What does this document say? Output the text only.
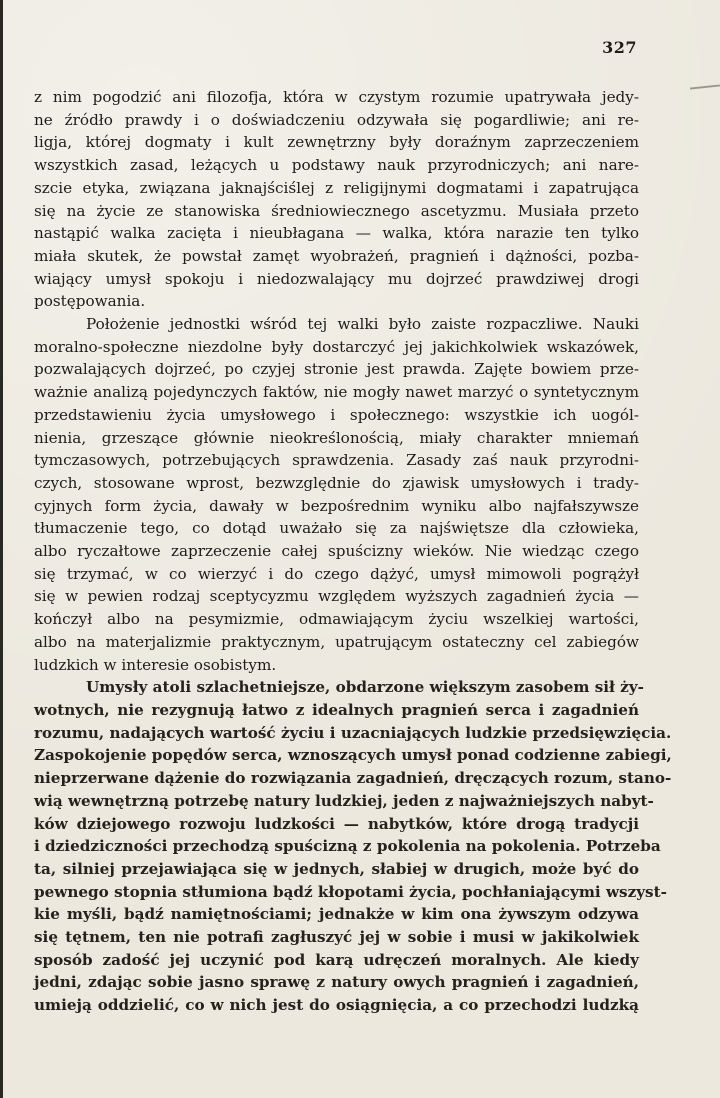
327
z nim pogodzić ani filozofja, która w czystym rozumie upatrywała jedy-
ne źródło prawdy i o doświadczeniu odzywała się pogardliwie; ani re-
ligja, której dogmaty i kult zewnętrzny były doraźnym zaprzeczeniem
wszystkich zasad, leżących u podstawy nauk przyrodniczych; ani nare-
szcie etyka, związana jaknajściślej z religijnymi dogmatami i zapatrująca
się na życie ze stanowiska średniowiecznego ascetyzmu. Musiała przeto
nastąpić walka zacięta i nieubłagana — walka, która narazie ten tylko
miała skutek, że powstał zamęt wyobrażeń, pragnień i dążności, pozba-
wiający umysł spokoju i niedozwalający mu dojrzeć prawdziwej drogi
postępowania.
Położenie jednostki wśród tej walki było zaiste rozpaczliwe. Nauki
moralno-społeczne niezdolne były dostarczyć jej jakichkolwiek wskazówek,
pozwalających dojrzeć, po czyjej stronie jest prawda. Zajęte bowiem prze-
ważnie analizą pojedynczych faktów, nie mogły nawet marzyć o syntetycznym
przedstawieniu życia umysłowego i społecznego: wszystkie ich uogól-
nienia, grzeszące głównie nieokreślonością, miały charakter mniemań
tymczasowych, potrzebujących sprawdzenia. Zasady zaś nauk przyrodni-
czych, stosowane wprost, bezwzględnie do zjawisk umysłowych i trady-
cyjnych form życia, dawały w bezpośrednim wyniku albo najfałszywsze
tłumaczenie tego, co dotąd uważało się za najświętsze dla człowieka,
albo ryczałtowe zaprzeczenie całej spuścizny wieków. Nie wiedząc czego
się trzymać, w co wierzyć i do czego dążyć, umysł mimowoli pogrążył
się w pewien rodzaj sceptycyzmu względem wyższych zagadnień życia —
kończył albo na pesymizmie, odmawiającym życiu wszelkiej wartości,
albo na materjalizmie praktycznym, upatrującym ostateczny cel zabiegów
ludzkich w interesie osobistym.
Umysły atoli szlachetniejsze, obdarzone większym zasobem sił ży-
wotnych, nie rezygnują łatwo z idealnych pragnień serca i zagadnień
rozumu, nadających wartość życiu i uzacniających ludzkie przedsięwzięcia.
Zaspokojenie popędów serca, wznoszących umysł ponad codzienne zabiegi,
nieprzerwane dążenie do rozwiązania zagadnień, dręczących rozum, stano-
wią wewnętrzną potrzebę natury ludzkiej, jeden z najważniejszych nabyt-
ków dziejowego rozwoju ludzkości — nabytków, które drogą tradycji
i dziedziczności przechodzą spuścizną z pokolenia na pokolenia. Potrzeba
ta, silniej przejawiająca się w jednych, słabiej w drugich, może być do
pewnego stopnia stłumiona bądź kłopotami życia, pochłaniającymi wszyst-
kie myśli, bądź namiętnościami; jednakże w kim ona żywszym odzywa
się tętnem, ten nie potrafi zagłuszyć jej w sobie i musi w jakikolwiek
sposób zadość jej uczynić pod karą udręczeń moralnych. Ale kiedy
jedni, zdając sobie jasno sprawę z natury owych pragnień i zagadnień,
umieją oddzielić, co w nich jest do osiągnięcia, a co przechodzi ludzką
